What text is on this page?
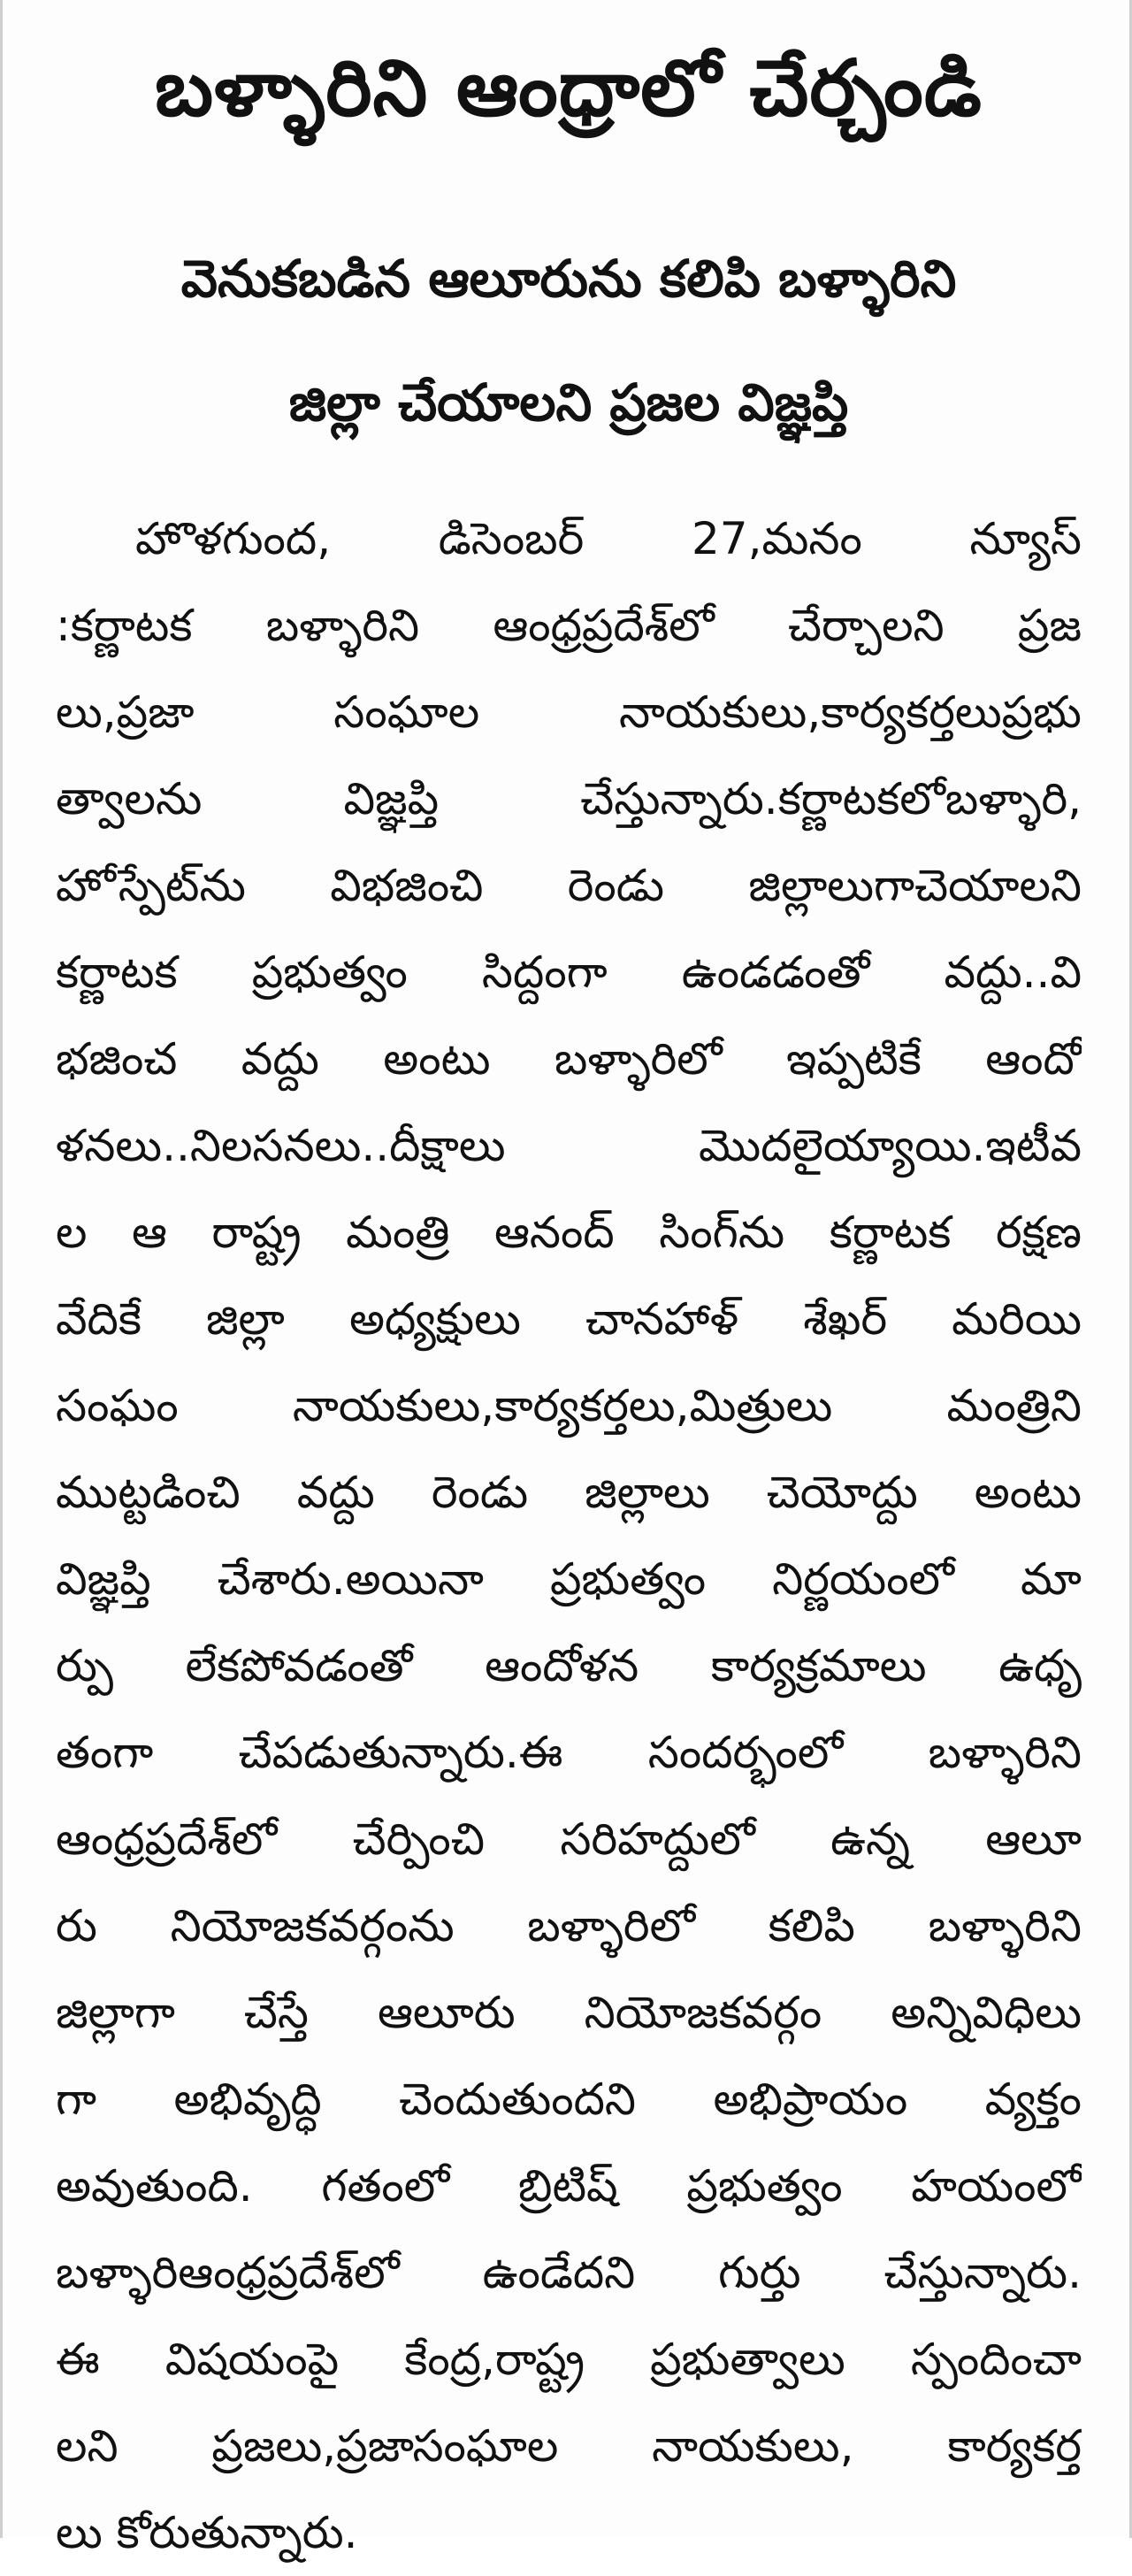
బళ్ళారిని ఆంధ్రాలో చేర్చండి
వెనుకబడిన ఆలూరును కలిపి బళ్ళారిని
జిల్లా చేయాలని ప్రజల విజ్ఞప్తి
హొళగుంద, డిసెంబర్ 27,మనం న్యూస్
:కర్ణాటక బళ్ళారిని ఆంధ్రప్రదేశ్‌లో చేర్చాలని ప్రజ
లు,ప్రజా సంఘాల నాయకులు,కార్యకర్తలుప్రభు
త్వాలను విజ్ఞప్తి చేస్తున్నారు.కర్ణాటకలోబళ్ళారి,
హోస్పేట్‌ను విభజించి రెండు జిల్లాలుగాచెయాలని
కర్ణాటక ప్రభుత్వం సిద్దంగా ఉండడంతో వద్దు..వి
భజించ వద్దు అంటు బళ్ళారిలో ఇప్పటికే ఆందో
ళనలు..నిలసనలు..దీక్షాలు మొదలైయ్యాయి.ఇటీవ
ల ఆ రాష్ట్ర మంత్రి ఆనంద్ సింగ్‌ను కర్ణాటక రక్షణ
వేదికే జిల్లా అధ్యక్షులు చానహాళ్ శేఖర్ మరియి
సంఘం నాయకులు,కార్యకర్తలు,మిత్రులు మంత్రిని
ముట్టడించి వద్దు రెండు జిల్లాలు చెయోద్దు అంటు
విజ్ఞప్తి చేశారు.అయినా ప్రభుత్వం నిర్ణయంలో మా
ర్పు లేకపోవడంతో ఆందోళన కార్యక్రమాలు ఉధృ
తంగా చేపడుతున్నారు.ఈ సందర్భంలో బళ్ళారిని
ఆంధ్రప్రదేశ్‌లో చేర్పించి సరిహద్దులో ఉన్న ఆలూ
రు నియోజకవర్గంను బళ్ళారిలో కలిపి బళ్ళారిని
జిల్లాగా చేస్తే ఆలూరు నియోజకవర్గం అన్నివిధిలు
గా అభివృద్ధి చెందుతుందని అభిప్రాయం వ్యక్తం
అవుతుంది. గతంలో బ్రిటిష్ ప్రభుత్వం హయంలో
బళ్ళారిఆంధ్రప్రదేశ్‌లో ఉండేదని గుర్తు చేస్తున్నారు.
ఈ విషయంపై కేంద్ర,రాష్ట్ర ప్రభుత్వాలు స్పందించా
లని ప్రజలు,ప్రజాసంఘాల నాయకులు, కార్యకర్త
లు కోరుతున్నారు.
